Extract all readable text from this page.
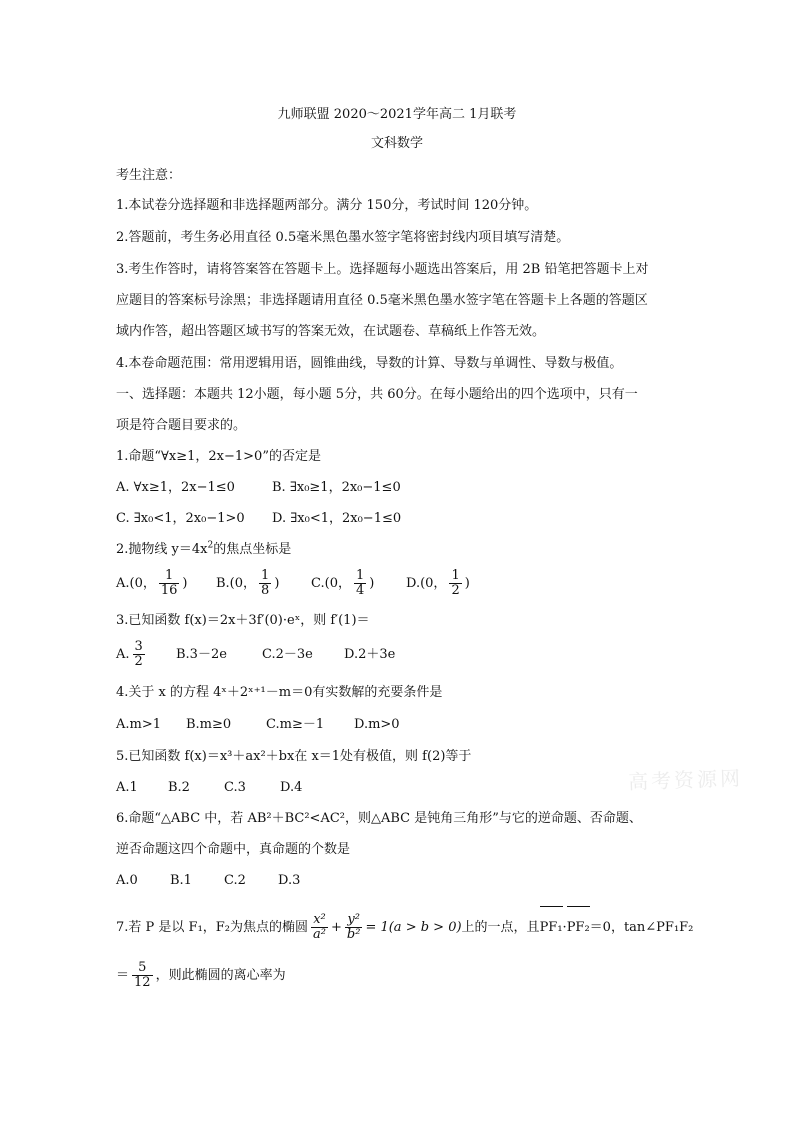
九师联盟 2020～2021学年高二 1月联考
文科数学
考生注意：
1.本试卷分选择题和非选择题两部分。满分 150分，考试时间 120分钟。
2.答题前，考生务必用直径 0.5毫米黑色墨水签字笔将密封线内项目填写清楚。
3.考生作答时，请将答案答在答题卡上。选择题每小题选出答案后，用 2B 铅笔把答题卡上对
应题目的答案标号涂黑；非选择题请用直径 0.5毫米黑色墨水签字笔在答题卡上各题的答题区
域内作答，超出答题区域书写的答案无效，在试题卷、草稿纸上作答无效。
4.本卷命题范围：常用逻辑用语，圆锥曲线，导数的计算、导数与单调性、导数与极值。
一、选择题：本题共 12小题，每小题 5分，共 60分。在每小题给出的四个选项中，只有一
项是符合题目要求的。
1.命题“∀x≥1，2x−1>0”的否定是
A. ∀x≥1，2x−1≤0	B. ∃x₀≥1，2x₀−1≤0
C. ∃x₀<1，2x₀−1>0 D. ∃x₀<1，2x₀−1≤0
2.抛物线 $y=4x^2$的焦点坐标是
A.(0， $\frac{1}{16}$ ) B.(0， $\frac{1}{8}$ ) C.(0， $\frac{1}{4}$ ) D.(0， $\frac{1}{2}$ )
3.已知函数 f(x)＝2x＋3f′(0)·eˣ，则 f′(1)＝
A. $\frac{3}{2} B.3-2e$	C.2－3e D.2＋3e
4.关于 x 的方程 4ˣ＋2ˣ⁺¹－m＝0有实数解的充要条件是
A.m>1 B.m≥0	C.m≥－1 D.m>0
5.已知函数 f(x)＝x³＋ax²＋bx在 x＝1处有极值，则 f(2)等于
A.1 B.2	C.3	D.4
6.命题“△ABC 中，若 AB²＋BC²<AC²，则△ABC 是钝角三角形”与它的逆命题、否命题、
逆否命题这四个命题中，真命题的个数是
A.0 B.1 C.2 D.3
7.若 P 是以 F₁，F₂为焦点的椭圆 $\frac{\text{x²}}{\text{a²}} + \frac{\text{y²}}{\text{b²}} = 1(a > b > 0)$上的一点，且PF₁·PF₂＝0，tan∠PF₁F₂
＝ $\frac{5}{12}$ ，则此椭圆的离心率为
高考资源网
